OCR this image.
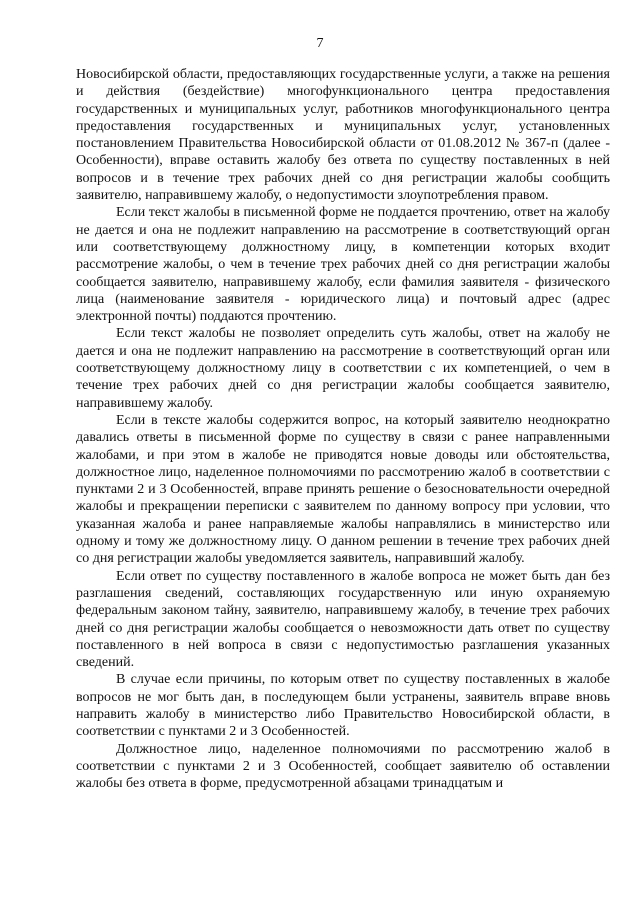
7

Новосибирской области, предоставляющих государственные услуги, а также на решения и действия (бездействие) многофункционального центра предоставления государственных и муниципальных услуг, работников многофункционального центра предоставления государственных и муниципальных услуг, установленных постановлением Правительства Новосибирской области от 01.08.2012 № 367-п (далее - Особенности), вправе оставить жалобу без ответа по существу поставленных в ней вопросов и в течение трех рабочих дней со дня регистрации жалобы сообщить заявителю, направившему жалобу, о недопустимости злоупотребления правом.

Если текст жалобы в письменной форме не поддается прочтению, ответ на жалобу не дается и она не подлежит направлению на рассмотрение в соответствующий орган или соответствующему должностному лицу, в компетенции которых входит рассмотрение жалобы, о чем в течение трех рабочих дней со дня регистрации жалобы сообщается заявителю, направившему жалобу, если фамилия заявителя - физического лица (наименование заявителя - юридического лица) и почтовый адрес (адрес электронной почты) поддаются прочтению.

Если текст жалобы не позволяет определить суть жалобы, ответ на жалобу не дается и она не подлежит направлению на рассмотрение в соответствующий орган или соответствующему должностному лицу в соответствии с их компетенцией, о чем в течение трех рабочих дней со дня регистрации жалобы сообщается заявителю, направившему жалобу.

Если в тексте жалобы содержится вопрос, на который заявителю неоднократно давались ответы в письменной форме по существу в связи с ранее направленными жалобами, и при этом в жалобе не приводятся новые доводы или обстоятельства, должностное лицо, наделенное полномочиями по рассмотрению жалоб в соответствии с пунктами 2 и 3 Особенностей, вправе принять решение о безосновательности очередной жалобы и прекращении переписки с заявителем по данному вопросу при условии, что указанная жалоба и ранее направляемые жалобы направлялись в министерство или одному и тому же должностному лицу. О данном решении в течение трех рабочих дней со дня регистрации жалобы уведомляется заявитель, направивший жалобу.

Если ответ по существу поставленного в жалобе вопроса не может быть дан без разглашения сведений, составляющих государственную или иную охраняемую федеральным законом тайну, заявителю, направившему жалобу, в течение трех рабочих дней со дня регистрации жалобы сообщается о невозможности дать ответ по существу поставленного в ней вопроса в связи с недопустимостью разглашения указанных сведений.

В случае если причины, по которым ответ по существу поставленных в жалобе вопросов не мог быть дан, в последующем были устранены, заявитель вправе вновь направить жалобу в министерство либо Правительство Новосибирской области, в соответствии с пунктами 2 и 3 Особенностей.

Должностное лицо, наделенное полномочиями по рассмотрению жалоб в соответствии с пунктами 2 и 3 Особенностей, сообщает заявителю об оставлении жалобы без ответа в форме, предусмотренной абзацами тринадцатым и
